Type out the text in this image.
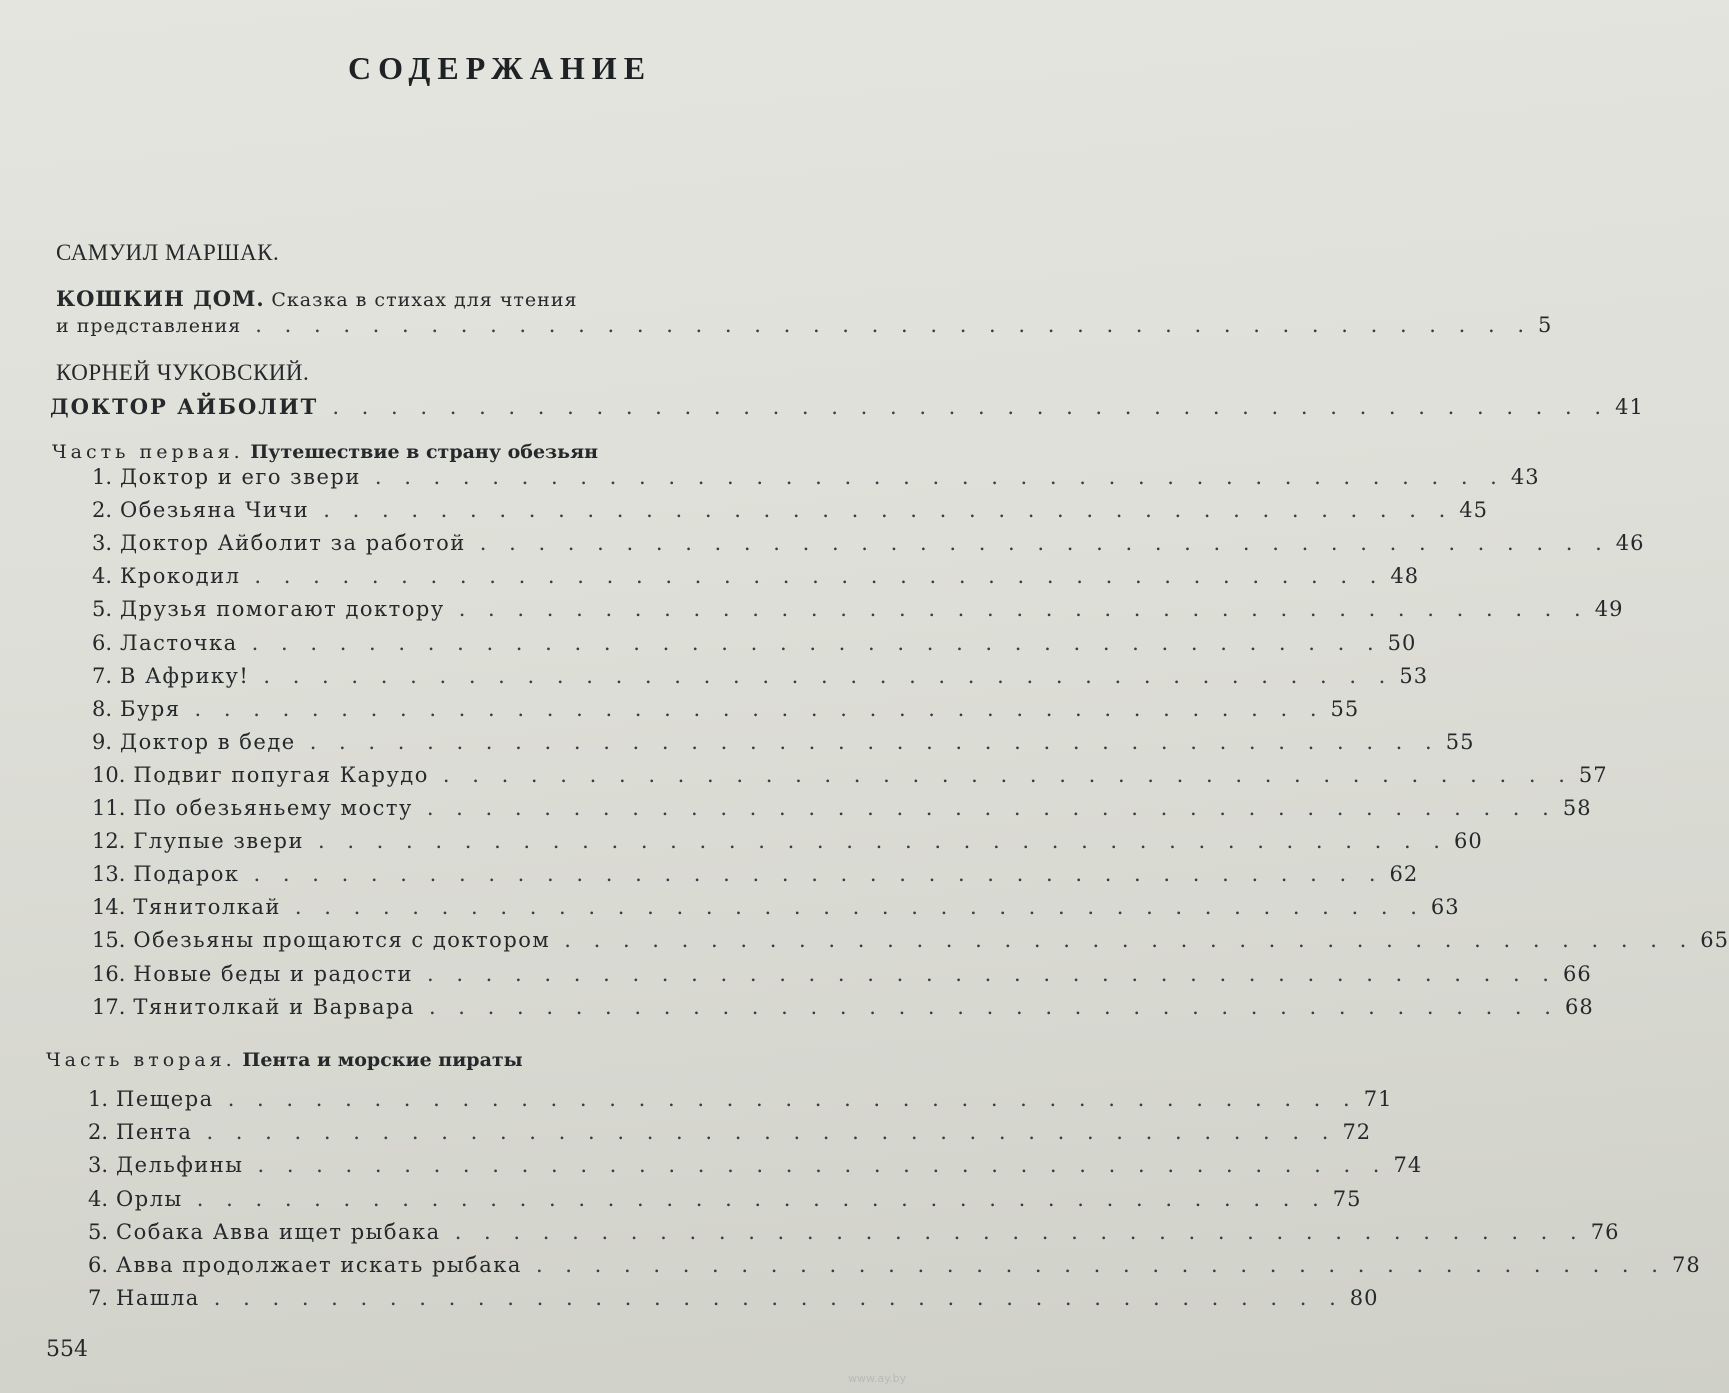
СОДЕРЖАНИЕ
САМУИЛ МАРШАК.
КОШКИН ДОМ. Сказка в стихах для чтения
и представления . . . . . . . . . . . . . . . . . . . . . . . . . . . . . . . . . . . . . . . . . . . . 5
КОРНЕЙ ЧУКОВСКИЙ.
ДОКТОР АЙБОЛИТ . . . . . . . . . . . . . . . . . . . . . . . . . . . . . . . . . . . . . . . . . . . . 41
Часть первая. Путешествие в страну обезьян
1. Доктор и его звери . . . . . . . . . . . . . . . . . . . . . . . . . . . . . . . . . . . . . . . 43
2. Обезьяна Чичи . . . . . . . . . . . . . . . . . . . . . . . . . . . . . . . . . . . . . . . 45
3. Доктор Айболит за работой . . . . . . . . . . . . . . . . . . . . . . . . . . . . . . . . . . . . . . . 46
4. Крокодил . . . . . . . . . . . . . . . . . . . . . . . . . . . . . . . . . . . . . . . 48
5. Друзья помогают доктору . . . . . . . . . . . . . . . . . . . . . . . . . . . . . . . . . . . . . . . 49
6. Ласточка . . . . . . . . . . . . . . . . . . . . . . . . . . . . . . . . . . . . . . . 50
7. В Африку! . . . . . . . . . . . . . . . . . . . . . . . . . . . . . . . . . . . . . . . 53
8. Буря . . . . . . . . . . . . . . . . . . . . . . . . . . . . . . . . . . . . . . . 55
9. Доктор в беде . . . . . . . . . . . . . . . . . . . . . . . . . . . . . . . . . . . . . . . 55
10. Подвиг попугая Карудо . . . . . . . . . . . . . . . . . . . . . . . . . . . . . . . . . . . . . . . 57
11. По обезьяньему мосту . . . . . . . . . . . . . . . . . . . . . . . . . . . . . . . . . . . . . . . 58
12. Глупые звери . . . . . . . . . . . . . . . . . . . . . . . . . . . . . . . . . . . . . . . 60
13. Подарок . . . . . . . . . . . . . . . . . . . . . . . . . . . . . . . . . . . . . . . 62
14. Тянитолкай . . . . . . . . . . . . . . . . . . . . . . . . . . . . . . . . . . . . . . . 63
15. Обезьяны прощаются с доктором . . . . . . . . . . . . . . . . . . . . . . . . . . . . . . . . . . . . . . . 65
16. Новые беды и радости . . . . . . . . . . . . . . . . . . . . . . . . . . . . . . . . . . . . . . . 66
17. Тянитолкай и Варвара . . . . . . . . . . . . . . . . . . . . . . . . . . . . . . . . . . . . . . . 68
Часть вторая. Пента и морские пираты
1. Пещера . . . . . . . . . . . . . . . . . . . . . . . . . . . . . . . . . . . . . . . 71
2. Пента . . . . . . . . . . . . . . . . . . . . . . . . . . . . . . . . . . . . . . . 72
3. Дельфины . . . . . . . . . . . . . . . . . . . . . . . . . . . . . . . . . . . . . . . 74
4. Орлы . . . . . . . . . . . . . . . . . . . . . . . . . . . . . . . . . . . . . . . 75
5. Собака Авва ищет рыбака . . . . . . . . . . . . . . . . . . . . . . . . . . . . . . . . . . . . . . . 76
6. Авва продолжает искать рыбака . . . . . . . . . . . . . . . . . . . . . . . . . . . . . . . . . . . . . . . 78
7. Нашла . . . . . . . . . . . . . . . . . . . . . . . . . . . . . . . . . . . . . . . 80
554
www.ay.by
